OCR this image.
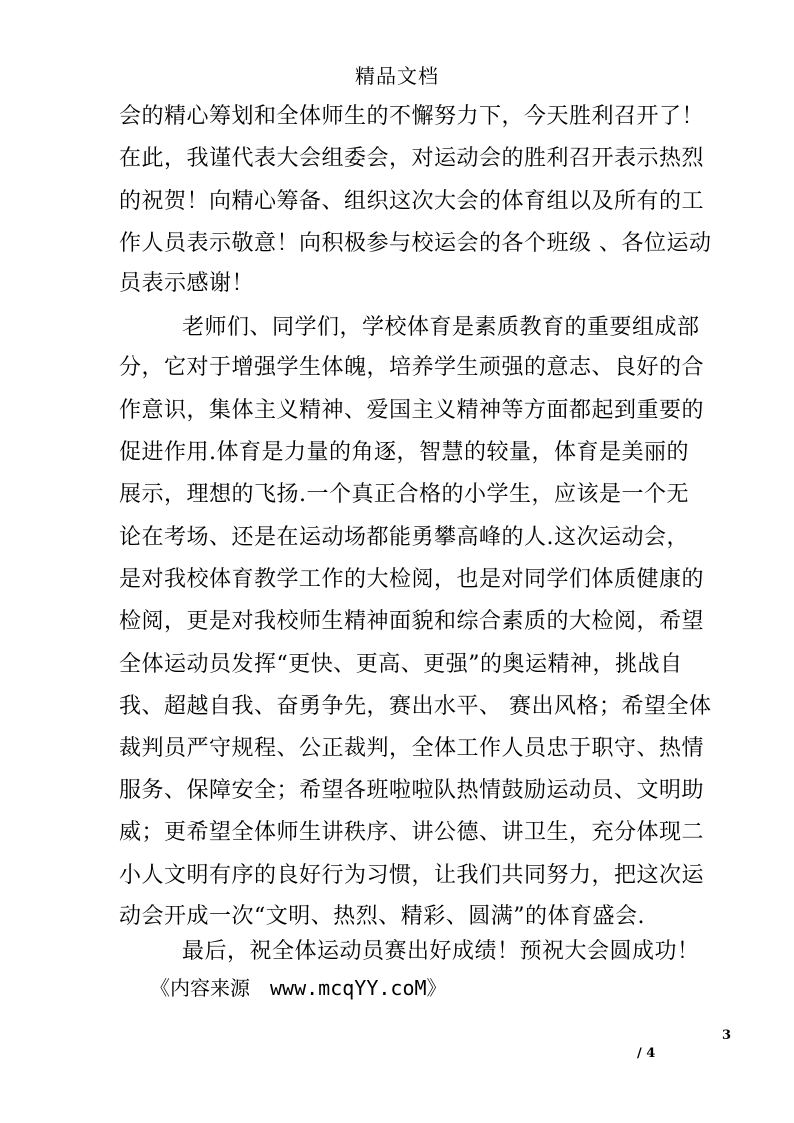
精品文档
会的精心筹划和全体师生的不懈努力下，今天胜利召开了！
在此，我谨代表大会组委会，对运动会的胜利召开表示热烈
的祝贺！向精心筹备、组织这次大会的体育组以及所有的工
作人员表示敬意！向积极参与校运会的各个班级 、各位运动
员表示感谢！
老师们、同学们，学校体育是素质教育的重要组成部
分，它对于增强学生体魄，培养学生顽强的意志、良好的合
作意识，集体主义精神、爱国主义精神等方面都起到重要的
促进作用.体育是力量的角逐，智慧的较量，体育是美丽的
展示，理想的飞扬.一个真正合格的小学生，应该是一个无
论在考场、还是在运动场都能勇攀高峰的人.这次运动会，
是对我校体育教学工作的大检阅，也是对同学们体质健康的
检阅，更是对我校师生精神面貌和综合素质的大检阅，希望
全体运动员发挥“更快、更高、更强”的奥运精神，挑战自
我、超越自我、奋勇争先，赛出水平、 赛出风格；希望全体
裁判员严守规程、公正裁判，全体工作人员忠于职守、热情
服务、保障安全；希望各班啦啦队热情鼓励运动员、文明助
威；更希望全体师生讲秩序、讲公德、讲卫生，充分体现二
小人文明有序的良好行为习惯，让我们共同努力，把这次运
动会开成一次“文明、热烈、精彩、圆满”的体育盛会.
最后，祝全体运动员赛出好成绩！预祝大会圆成功！
《内容来源　www.mcqYY.coM》
3
/ 4
